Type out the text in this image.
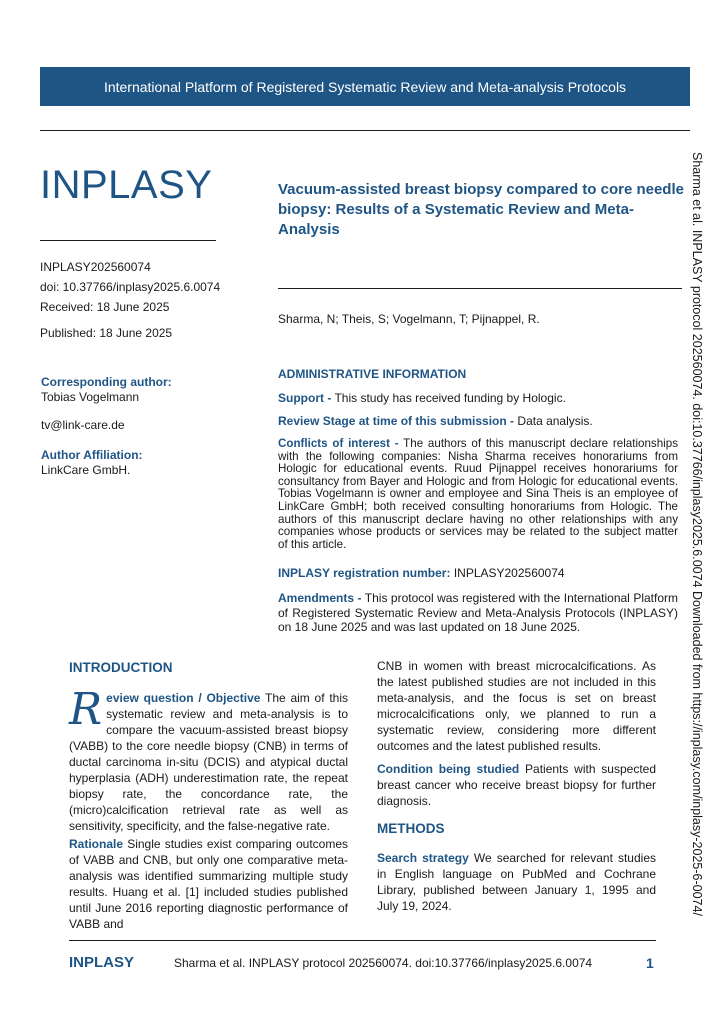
International Platform of Registered Systematic Review and Meta-analysis Protocols
INPLASY
INPLASY202560074
doi: 10.37766/inplasy2025.6.0074
Received: 18 June 2025
Published: 18 June 2025
Corresponding author:
Tobias Vogelmann
tv@link-care.de
Author Affiliation:
LinkCare GmbH.
Vacuum-assisted breast biopsy compared to core needle biopsy: Results of a Systematic Review and Meta-Analysis
Sharma, N; Theis, S; Vogelmann, T; Pijnappel, R.
ADMINISTRATIVE INFORMATION
Support - This study has received funding by Hologic.
Review Stage at time of this submission - Data analysis.
Conflicts of interest - The authors of this manuscript declare relationships with the following companies: Nisha Sharma receives honorariums from Hologic for educational events. Ruud Pijnappel receives honorariums for consultancy from Bayer and Hologic and from Hologic for educational events. Tobias Vogelmann is owner and employee and Sina Theis is an employee of LinkCare GmbH; both received consulting honorariums from Hologic. The authors of this manuscript declare having no other relationships with any companies whose products or services may be related to the subject matter of this article.
INPLASY registration number: INPLASY202560074
Amendments - This protocol was registered with the International Platform of Registered Systematic Review and Meta-Analysis Protocols (INPLASY) on 18 June 2025 and was last updated on 18 June 2025.
INTRODUCTION
Review question / Objective The aim of this systematic review and meta-analysis is to compare the vacuum-assisted breast biopsy (VABB) to the core needle biopsy (CNB) in terms of ductal carcinoma in-situ (DCIS) and atypical ductal hyperplasia (ADH) underestimation rate, the repeat biopsy rate, the concordance rate, the (micro)calcification retrieval rate as well as sensitivity, specificity, and the false-negative rate.
Rationale Single studies exist comparing outcomes of VABB and CNB, but only one comparative meta-analysis was identified summarizing multiple study results. Huang et al. [1] included studies published until June 2016 reporting diagnostic performance of VABB and
CNB in women with breast microcalcifications. As the latest published studies are not included in this meta-analysis, and the focus is set on breast microcalcifications only, we planned to run a systematic review, considering more different outcomes and the latest published results.
Condition being studied Patients with suspected breast cancer who receive breast biopsy for further diagnosis.
METHODS
Search strategy We searched for relevant studies in English language on PubMed and Cochrane Library, published between January 1, 1995 and July 19, 2024.	Sharma et al. INPLASY protocol 202560074. doi:10.37766/inplasy2025.6.0074 Downloaded from https://inplasy.com/inplasy-2025-6-0074/
INPLASY	Sharma et al. INPLASY protocol 202560074. doi:10.37766/inplasy2025.6.0074	1
